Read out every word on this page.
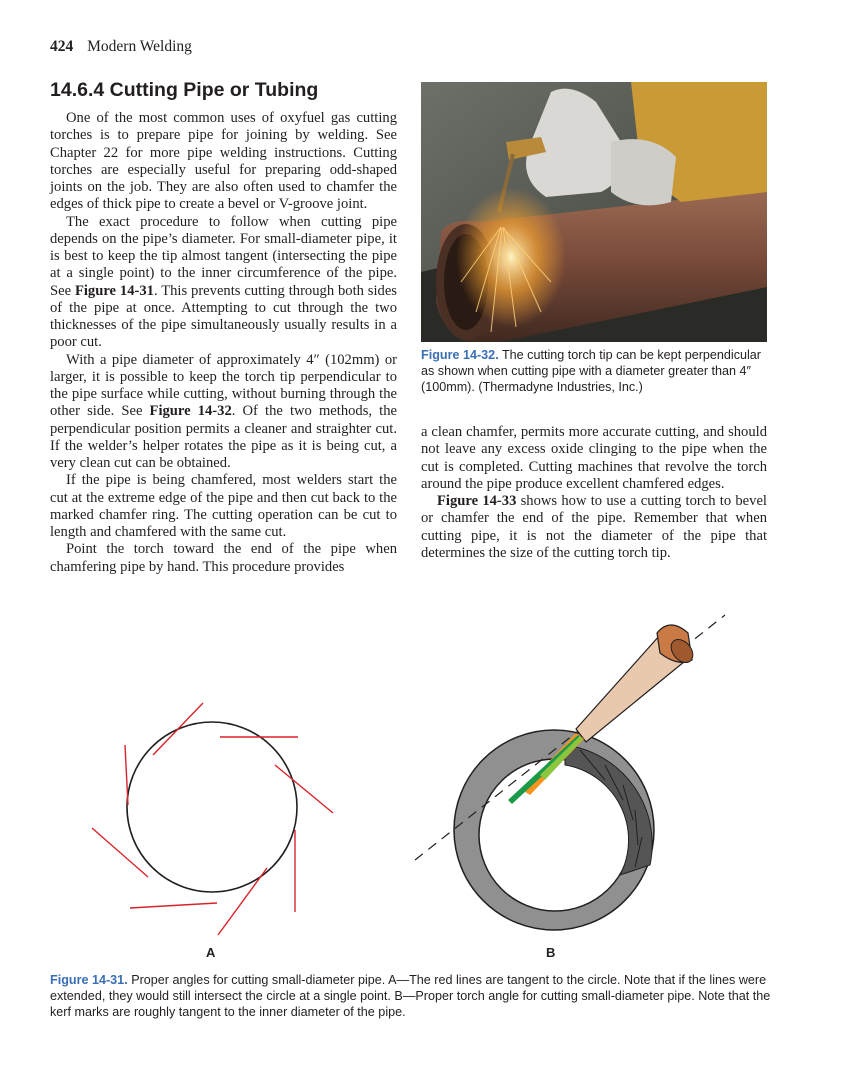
424 Modern Welding
14.6.4 Cutting Pipe or Tubing

One of the most common uses of oxyfuel gas cutting torches is to prepare pipe for joining by welding. See Chapter 22 for more pipe welding instructions. Cutting torches are especially useful for preparing odd-shaped joints on the job. They are also often used to chamfer the edges of thick pipe to create a bevel or V-groove joint.

The exact procedure to follow when cutting pipe depends on the pipe’s diameter. For small-diameter pipe, it is best to keep the tip almost tangent (intersecting the pipe at a single point) to the inner circumference of the pipe. See Figure 14-31. This prevents cutting through both sides of the pipe at once. Attempting to cut through the two thicknesses of the pipe simultaneously usually results in a poor cut.

With a pipe diameter of approximately 4″ (102mm) or larger, it is possible to keep the torch tip perpendicular to the pipe surface while cutting, without burning through the other side. See Figure 14-32. Of the two methods, the perpendicular position permits a cleaner and straighter cut. If the welder’s helper rotates the pipe as it is being cut, a very clean cut can be obtained.

If the pipe is being chamfered, most welders start the cut at the extreme edge of the pipe and then cut back to the marked chamfer ring. The cutting operation can be cut to length and chamfered with the same cut.

Point the torch toward the end of the pipe when chamfering pipe by hand. This procedure provides

Figure 14-32. The cutting torch tip can be kept perpendicular as shown when cutting pipe with a diameter greater than 4″ (100mm). (Thermadyne Industries, Inc.)

a clean chamfer, permits more accurate cutting, and should not leave any excess oxide clinging to the pipe when the cut is completed. Cutting machines that revolve the torch around the pipe produce excellent chamfered edges.

Figure 14-33 shows how to use a cutting torch to bevel or chamfer the end of the pipe. Remember that when cutting pipe, it is not the diameter of the pipe that determines the size of the cutting torch tip.

A	B
Figure 14-31. Proper angles for cutting small-diameter pipe. A—The red lines are tangent to the circle. Note that if the lines were extended, they would still intersect the circle at a single point. B—Proper torch angle for cutting small-diameter pipe. Note that the kerf marks are roughly tangent to the inner diameter of the pipe.
